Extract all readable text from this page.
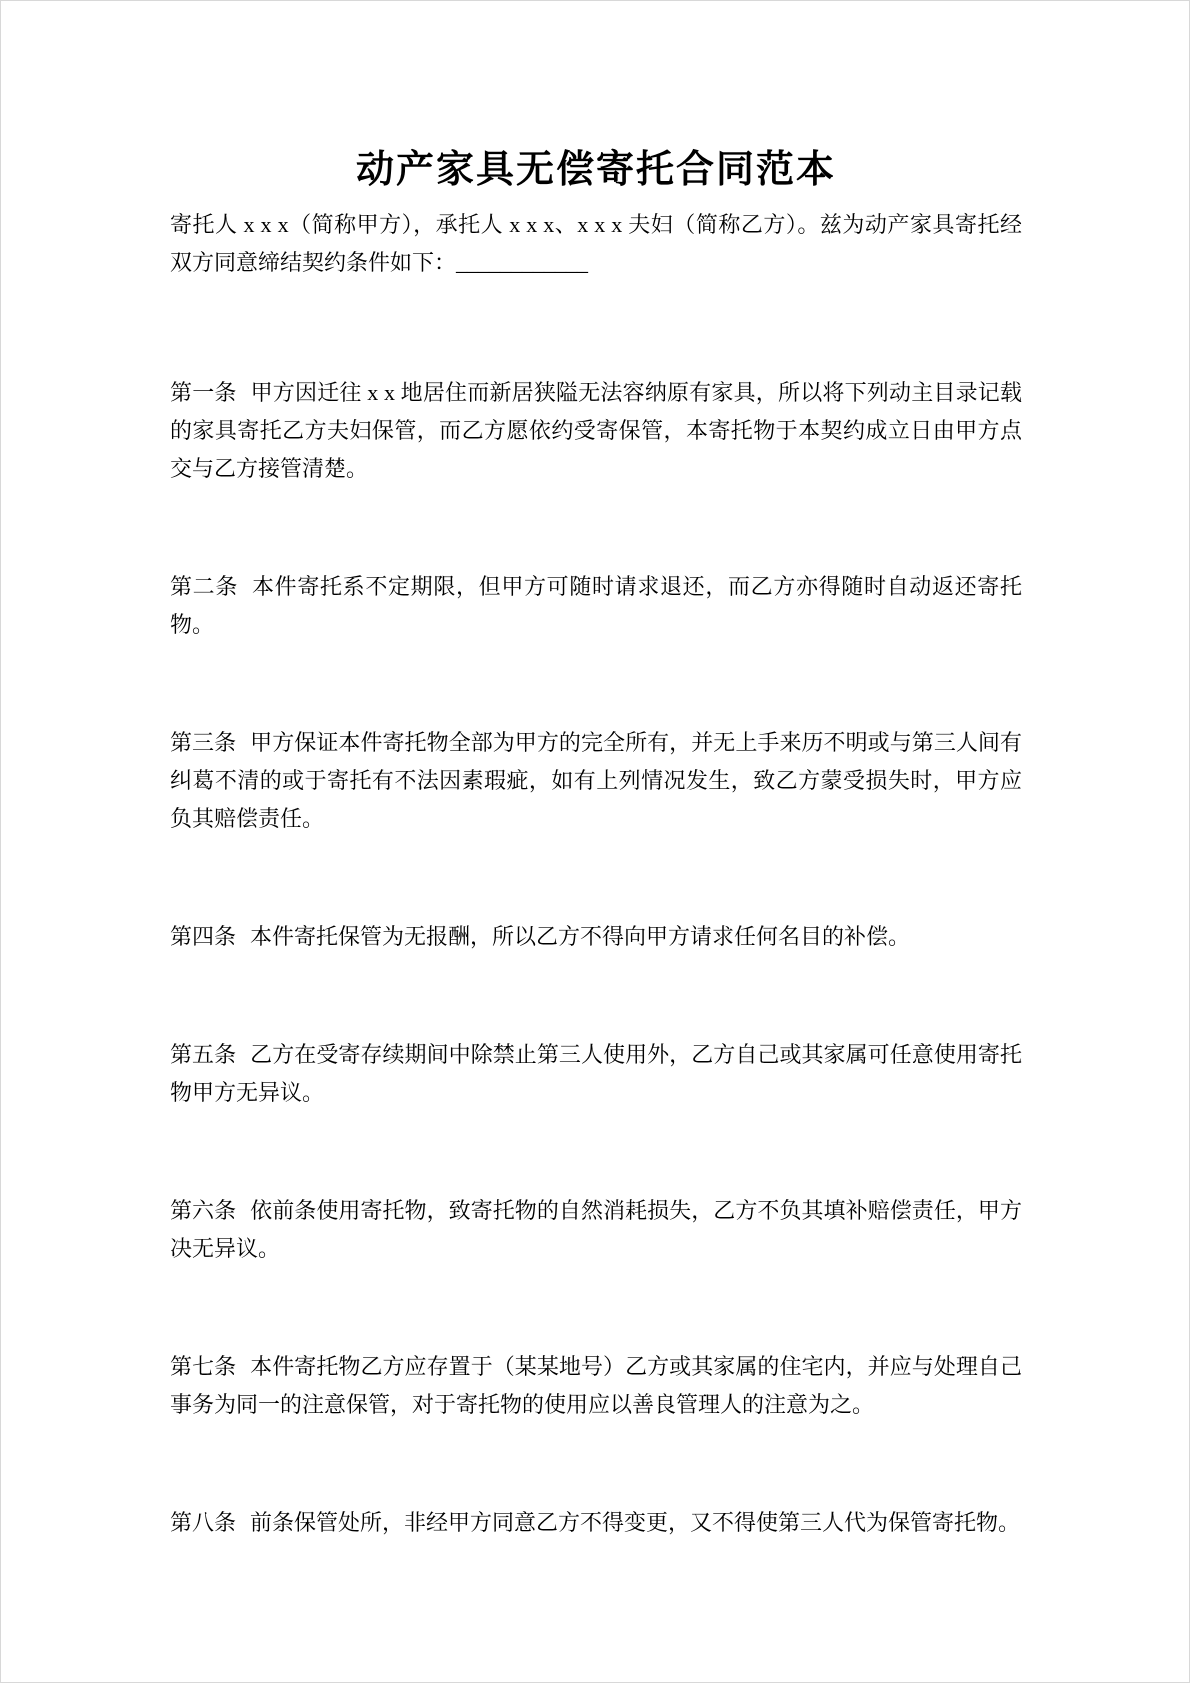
动产家具无偿寄托合同范本

寄托人 x x x（简称甲方），承托人 x x x、x x x 夫妇（简称乙方）。兹为动产家具寄托经双方同意缔结契约条件如下：____________

第一条 甲方因迁往 x x 地居住而新居狭隘无法容纳原有家具，所以将下列动主目录记载的家具寄托乙方夫妇保管，而乙方愿依约受寄保管，本寄托物于本契约成立日由甲方点交与乙方接管清楚。

第二条 本件寄托系不定期限，但甲方可随时请求退还，而乙方亦得随时自动返还寄托物。

第三条 甲方保证本件寄托物全部为甲方的完全所有，并无上手来历不明或与第三人间有纠葛不清的或于寄托有不法因素瑕疵，如有上列情况发生，致乙方蒙受损失时，甲方应负其赔偿责任。

第四条 本件寄托保管为无报酬，所以乙方不得向甲方请求任何名目的补偿。

第五条 乙方在受寄存续期间中除禁止第三人使用外，乙方自己或其家属可任意使用寄托物甲方无异议。

第六条 依前条使用寄托物，致寄托物的自然消耗损失，乙方不负其填补赔偿责任，甲方决无异议。

第七条 本件寄托物乙方应存置于（某某地号）乙方或其家属的住宅内，并应与处理自己事务为同一的注意保管，对于寄托物的使用应以善良管理人的注意为之。

第八条 前条保管处所，非经甲方同意乙方不得变更，又不得使第三人代为保管寄托物。
